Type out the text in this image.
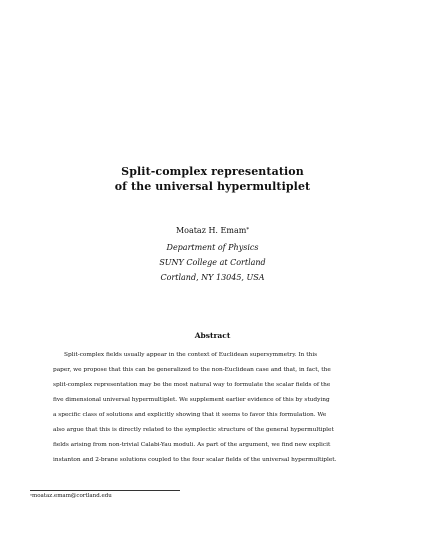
Split-complex representation
of the universal hypermultiplet
Moataz H. Emam*
Department of Physics
SUNY College at Cortland
Cortland, NY 13045, USA
Abstract
Split-complex fields usually appear in the context of Euclidean supersymmetry. In this
paper, we propose that this can be generalized to the non-Euclidean case and that, in fact, the
split-complex representation may be the most natural way to formulate the scalar fields of the
five dimensional universal hypermultiplet. We supplement earlier evidence of this by studying
a specific class of solutions and explicitly showing that it seems to favor this formulation. We
also argue that this is directly related to the symplectic structure of the general hypermultiplet
fields arising from non-trivial Calabi-Yau moduli. As part of the argument, we find new explicit
instanton and 2-brane solutions coupled to the four scalar fields of the universal hypermultiplet.
*moataz.emam@cortland.edu
